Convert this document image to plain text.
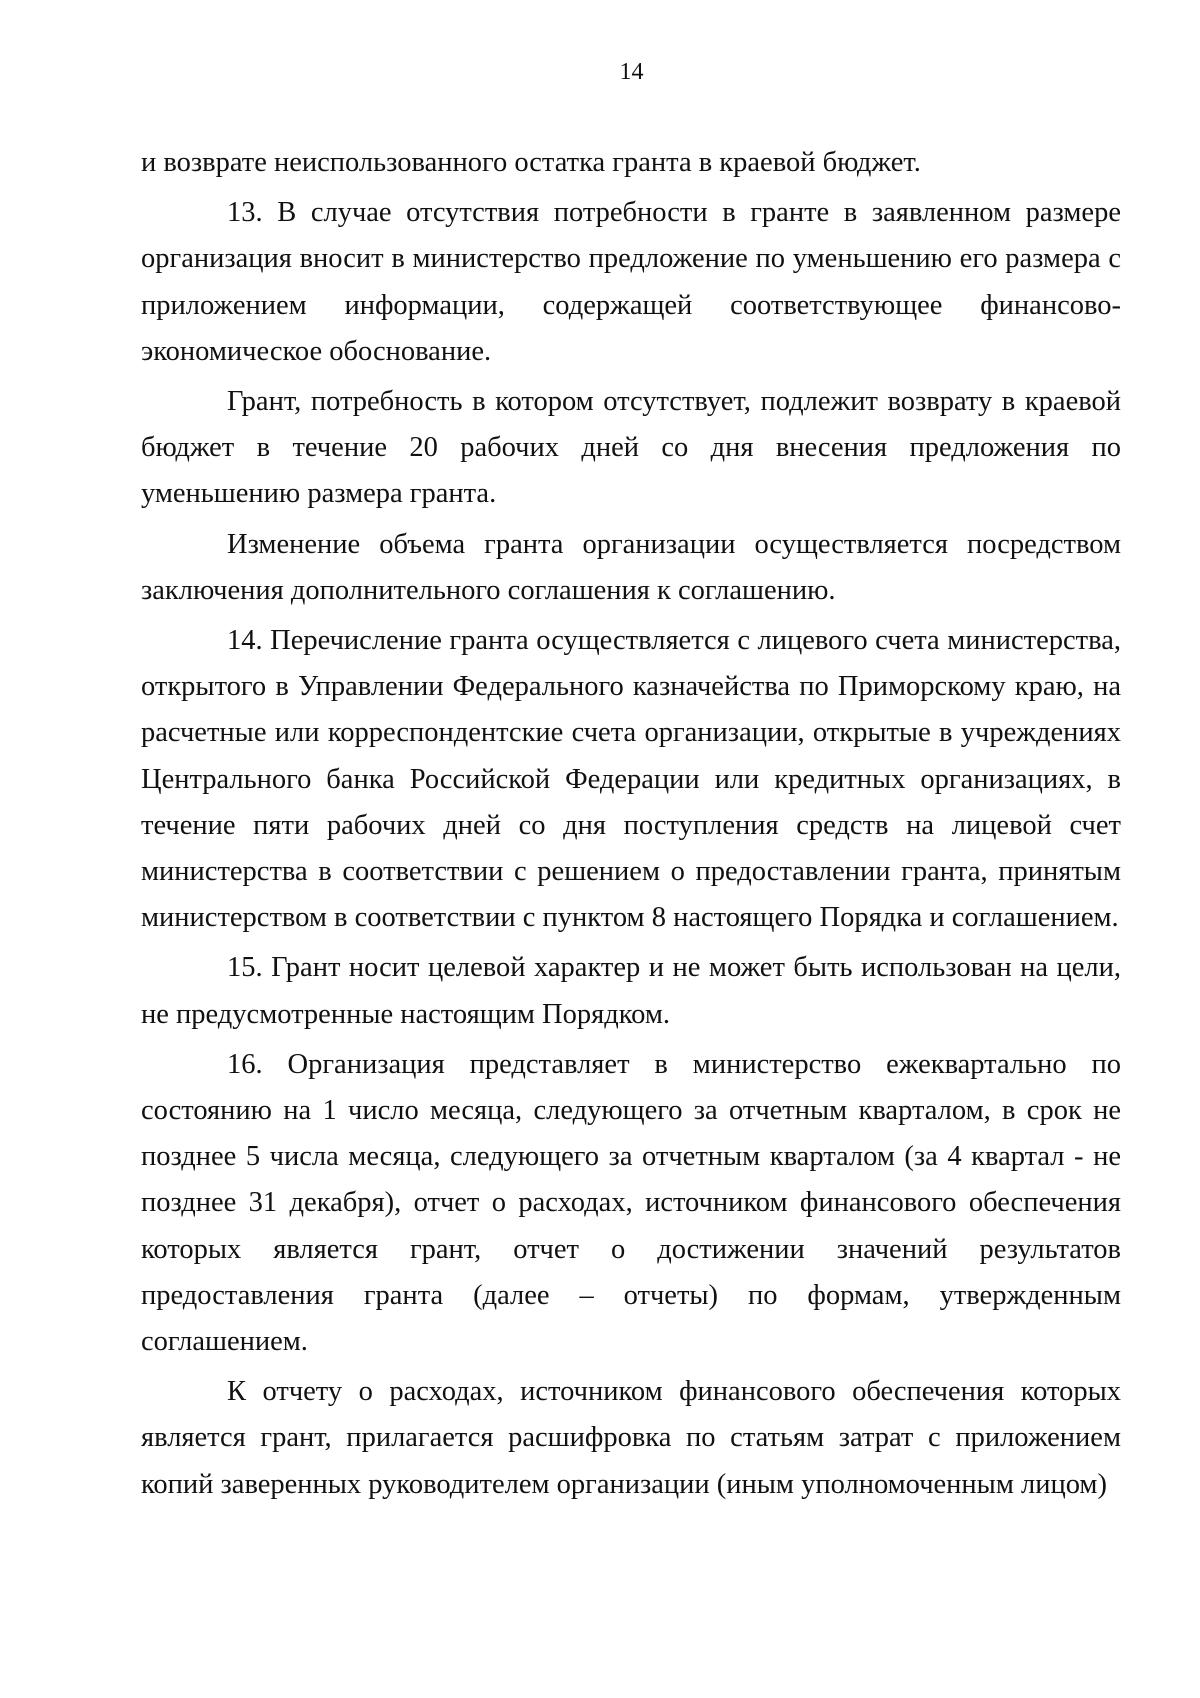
14

и возврате неиспользованного остатка гранта в краевой бюджет.

13. В случае отсутствия потребности в гранте в заявленном размере организация вносит в министерство предложение по уменьшению его размера с приложением информации, содержащей соответствующее финансово-экономическое обоснование.

Грант, потребность в котором отсутствует, подлежит возврату в краевой бюджет в течение 20 рабочих дней со дня внесения предложения по уменьшению размера гранта.

Изменение объема гранта организации осуществляется посредством заключения дополнительного соглашения к соглашению.

14. Перечисление гранта осуществляется с лицевого счета министерства, открытого в Управлении Федерального казначейства по Приморскому краю, на расчетные или корреспондентские счета организации, открытые в учреждениях Центрального банка Российской Федерации или кредитных организациях, в течение пяти рабочих дней со дня поступления средств на лицевой счет министерства в соответствии с решением о предоставлении гранта, принятым министерством в соответствии с пунктом 8 настоящего Порядка и соглашением.

15. Грант носит целевой характер и не может быть использован на цели, не предусмотренные настоящим Порядком.

16. Организация представляет в министерство ежеквартально по состоянию на 1 число месяца, следующего за отчетным кварталом, в срок не позднее 5 числа месяца, следующего за отчетным кварталом (за 4 квартал - не позднее 31 декабря), отчет о расходах, источником финансового обеспечения которых является грант, отчет о достижении значений результатов предоставления гранта (далее – отчеты) по формам, утвержденным соглашением.

К отчету о расходах, источником финансового обеспечения которых является грант, прилагается расшифровка по статьям затрат с приложением копий заверенных руководителем организации (иным уполномоченным лицом)
